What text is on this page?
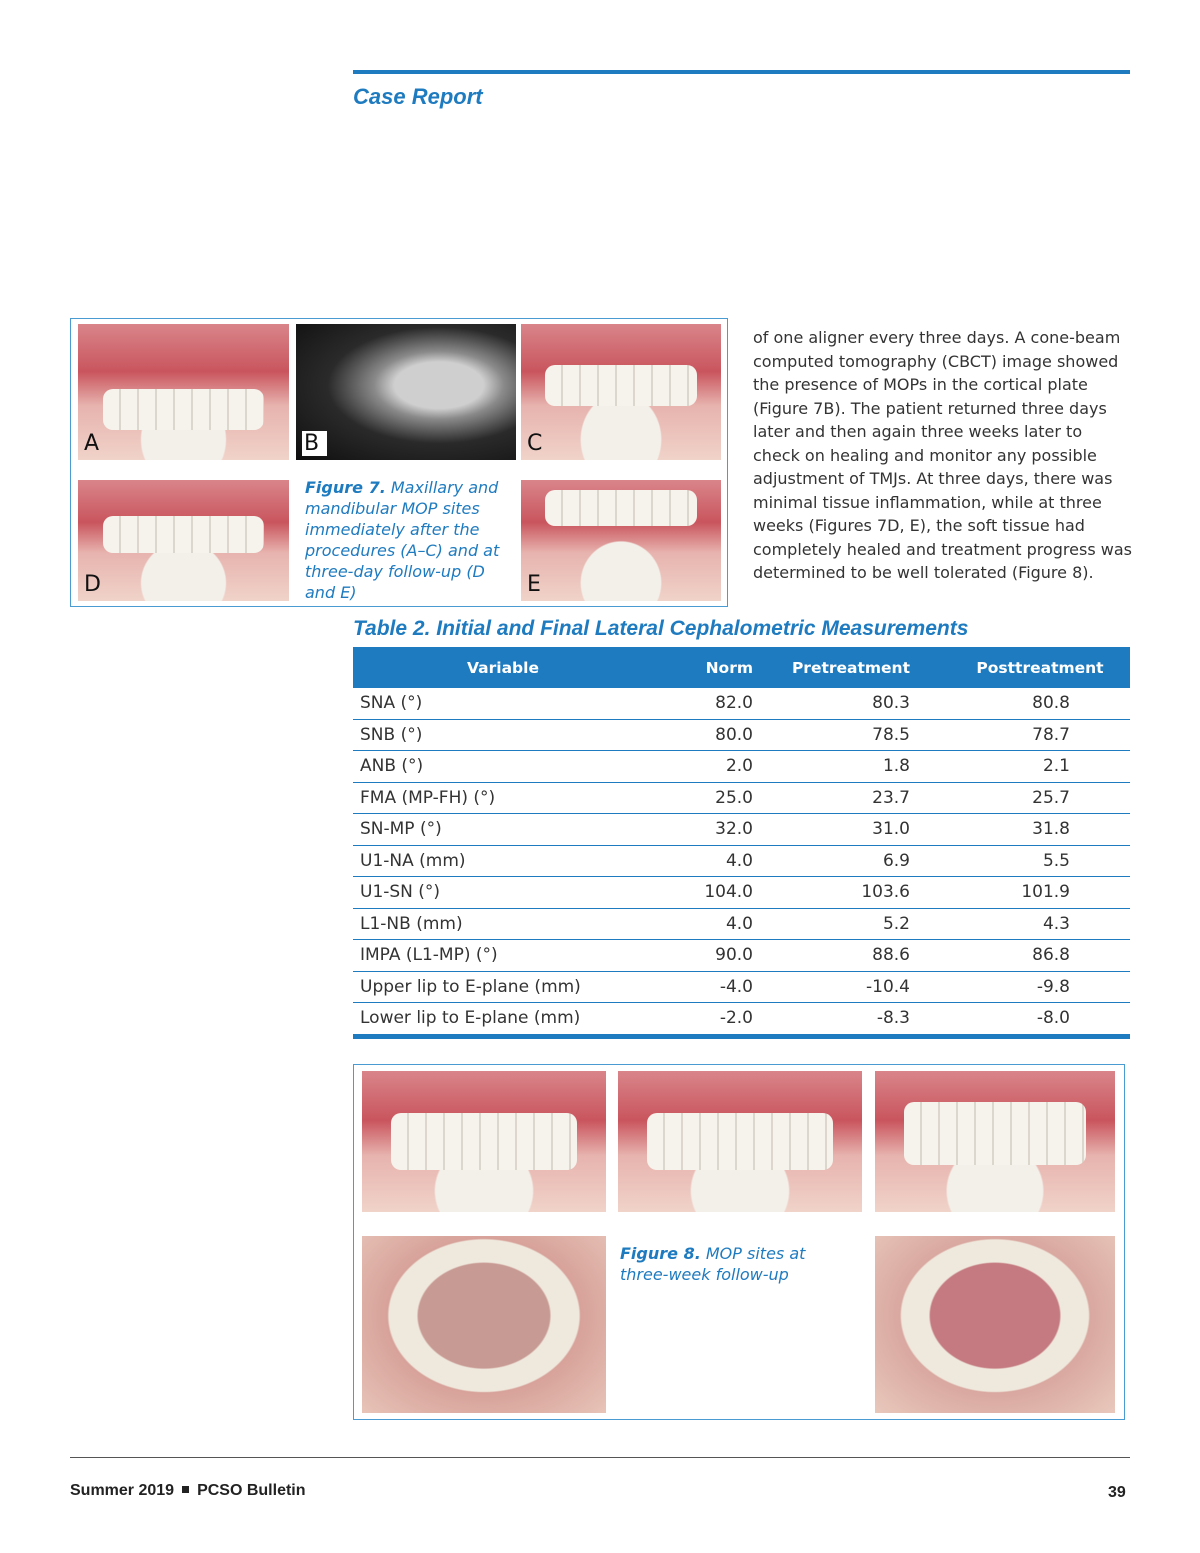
Case Report
A	B	C
D	E
Figure 7. Maxillary and mandibular MOP sites immediately after the procedures (A–C) and at three-day follow-up (D and E)
of one aligner every three days. A cone-beam computed tomography (CBCT) image showed the presence of MOPs in the cortical plate (Figure 7B). The patient returned three days later and then again three weeks later to check on healing and monitor any possible adjustment of TMJs. At three days, there was minimal tissue inflammation, while at three weeks (Figures 7D, E), the soft tissue had completely healed and treatment progress was determined to be well tolerated (Figure 8).
Table 2. Initial and Final Lateral Cephalometric Measurements
Variable	Norm	Pretreatment	Posttreatment	
SNA (°)	82.0	80.3	80.8	
SNB (°)	80.0	78.5	78.7	
ANB (°)	2.0	1.8	2.1	
FMA (MP-FH) (°)	25.0	23.7	25.7	
SN-MP (°)	32.0	31.0	31.8	
U1-NA (mm)	4.0	6.9	5.5	
U1-SN (°)	104.0	103.6	101.9	
L1-NB (mm)	4.0	5.2	4.3	
IMPA (L1-MP) (°)	90.0	88.6	86.8	
Upper lip to E-plane (mm)	-4.0	-10.4	-9.8	
Lower lip to E-plane (mm)	-2.0	-8.3	-8.0	
Figure 8. MOP sites at three-week follow-up
Summer 2019 PCSO Bulletin	39
